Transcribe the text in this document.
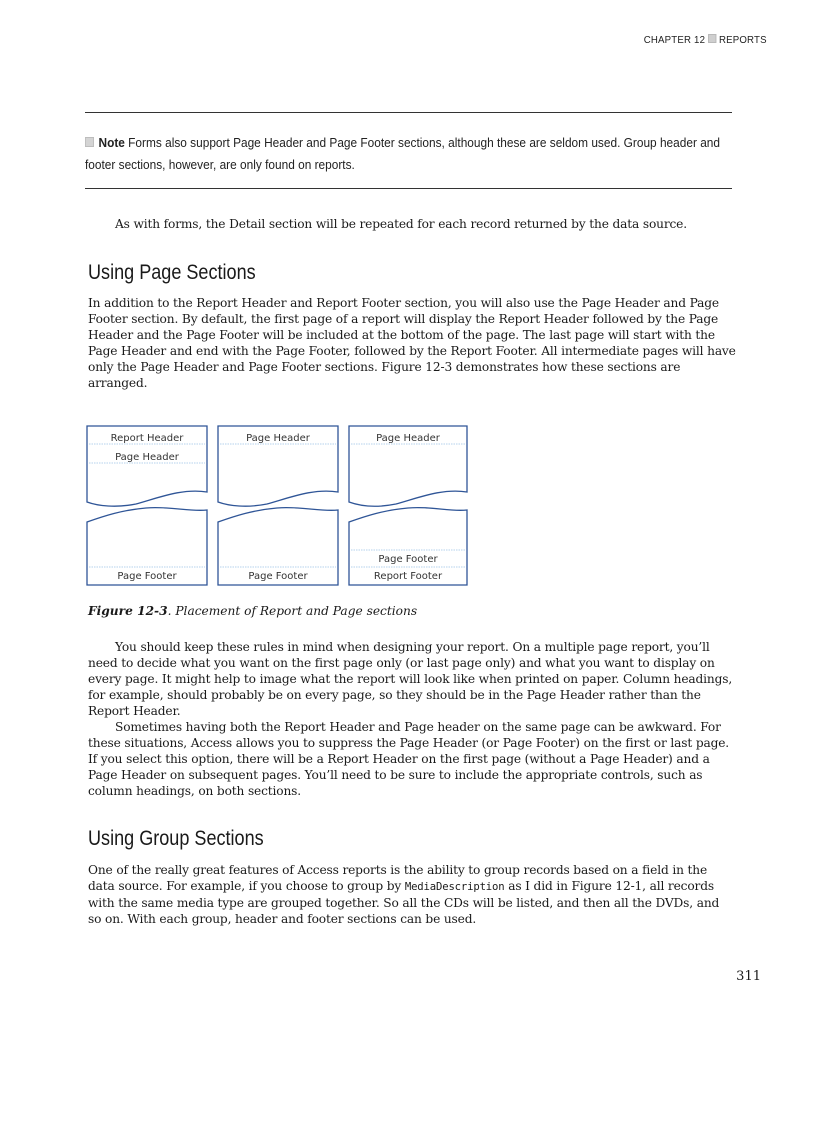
CHAPTER 12 REPORTS
Note Forms also support Page Header and Page Footer sections, although these are seldom used. Group header and footer sections, however, are only found on reports.
As with forms, the Detail section will be repeated for each record returned by the data source.
Using Page Sections
In addition to the Report Header and Report Footer section, you will also use the Page Header and Page Footer section. By default, the first page of a report will display the Report Header followed by the Page Header and the Page Footer will be included at the bottom of the page. The last page will start with the Page Header and end with the Page Footer, followed by the Report Footer. All intermediate pages will have only the Page Header and Page Footer sections. Figure 12-3 demonstrates how these sections are arranged.
Report Header
Page Header
Page Header	Page Header
Page Footer	Page Footer
Page Footer
Report Footer
Figure 12-3. Placement of Report and Page sections
You should keep these rules in mind when designing your report. On a multiple page report, you’ll need to decide what you want on the first page only (or last page only) and what you want to display on every page. It might help to image what the report will look like when printed on paper. Column headings, for example, should probably be on every page, so they should be in the Page Header rather than the Report Header.
Sometimes having both the Report Header and Page header on the same page can be awkward. For these situations, Access allows you to suppress the Page Header (or Page Footer) on the first or last page. If you select this option, there will be a Report Header on the first page (without a Page Header) and a Page Header on subsequent pages. You’ll need to be sure to include the appropriate controls, such as column headings, on both sections.
Using Group Sections
One of the really great features of Access reports is the ability to group records based on a field in the data source. For example, if you choose to group by MediaDescription as I did in Figure 12-1, all records with the same media type are grouped together. So all the CDs will be listed, and then all the DVDs, and so on. With each group, header and footer sections can be used.
311
